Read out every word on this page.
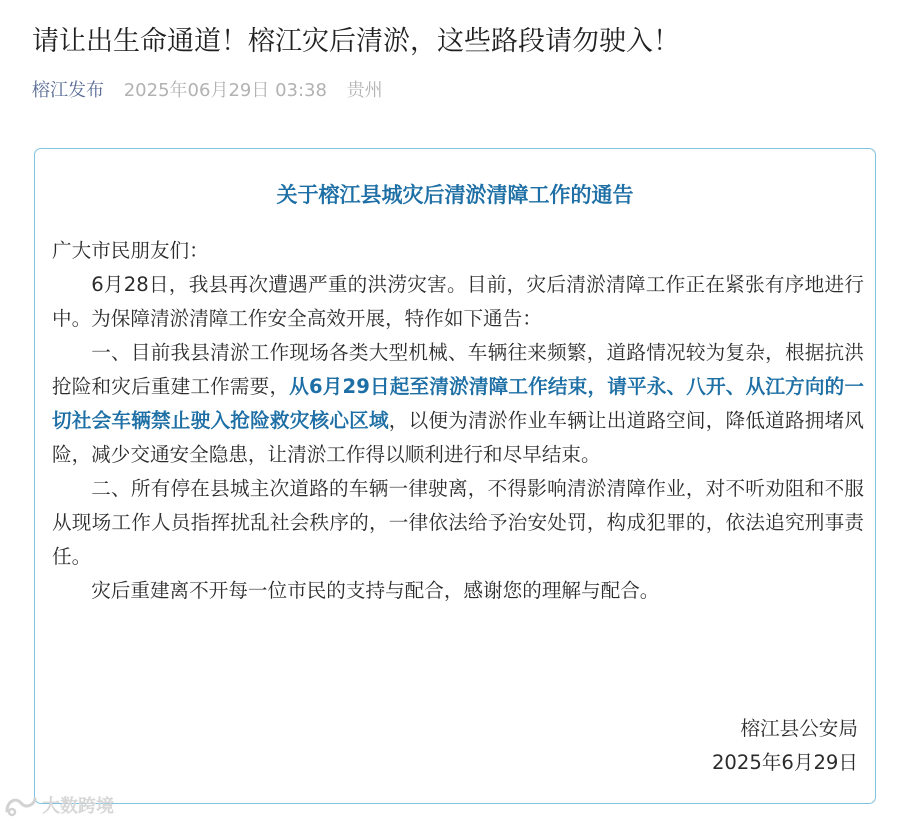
请让出生命通道！榕江灾后清淤，这些路段请勿驶入！
榕江发布 2025年06月29日 03:38 贵州
关于榕江县城灾后清淤清障工作的通告

广大市民朋友们：

6月28日，我县再次遭遇严重的洪涝灾害。目前，灾后清淤清障工作正在紧张有序地进行中。为保障清淤清障工作安全高效开展，特作如下通告：

一、目前我县清淤工作现场各类大型机械、车辆往来频繁，道路情况较为复杂，根据抗洪抢险和灾后重建工作需要，从6月29日起至清淤清障工作结束，请平永、八开、从江方向的一切社会车辆禁止驶入抢险救灾核心区域，以便为清淤作业车辆让出道路空间，降低道路拥堵风险，减少交通安全隐患，让清淤工作得以顺利进行和尽早结束。

二、所有停在县城主次道路的车辆一律驶离，不得影响清淤清障作业，对不听劝阻和不服从现场工作人员指挥扰乱社会秩序的，一律依法给予治安处罚，构成犯罪的，依法追究刑事责任。

灾后重建离不开每一位市民的支持与配合，感谢您的理解与配合。

榕江县公安局
2025年6月29日
大数跨境
